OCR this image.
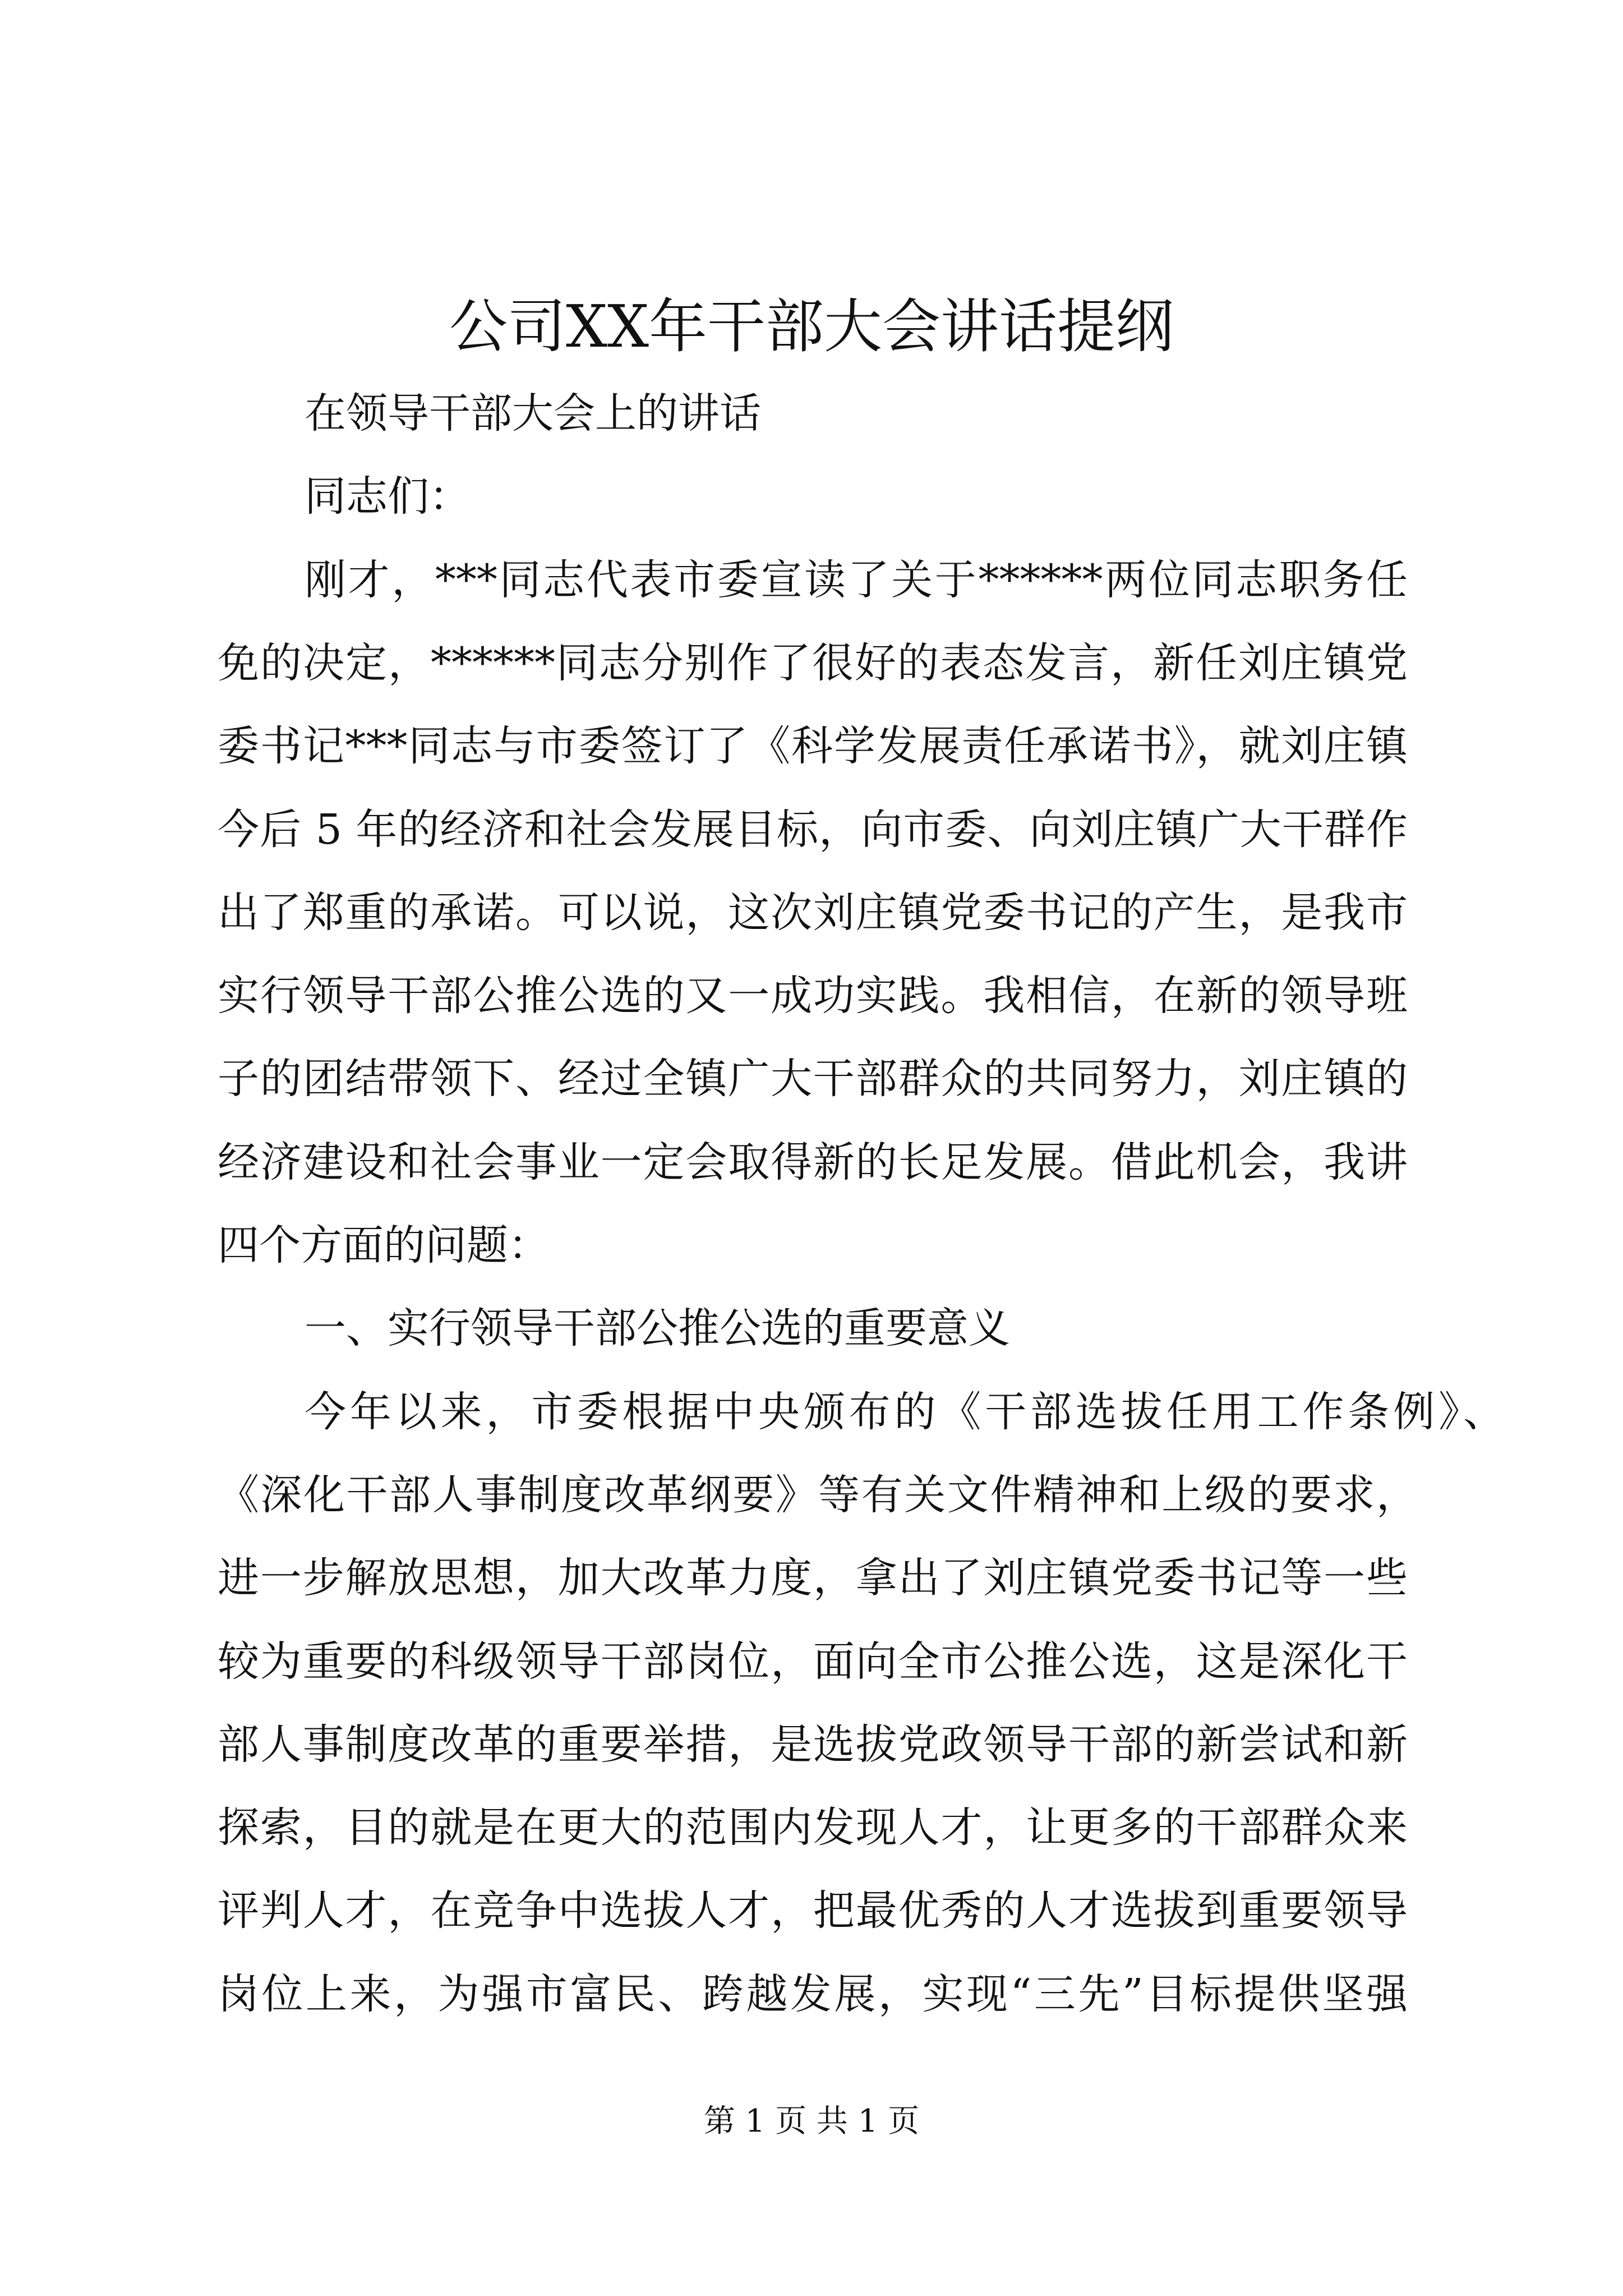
公司XX年干部大会讲话提纲
在领导干部大会上的讲话
同志们：
刚才，***同志代表市委宣读了关于******两位同志职务任
免的决定，******同志分别作了很好的表态发言，新任刘庄镇党
委书记***同志与市委签订了《科学发展责任承诺书》，就刘庄镇
今后 5 年的经济和社会发展目标，向市委、向刘庄镇广大干群作
出了郑重的承诺。可以说，这次刘庄镇党委书记的产生，是我市
实行领导干部公推公选的又一成功实践。我相信，在新的领导班
子的团结带领下、经过全镇广大干部群众的共同努力，刘庄镇的
经济建设和社会事业一定会取得新的长足发展。借此机会，我讲
四个方面的问题：
一、实行领导干部公推公选的重要意义
今年以来，市委根据中央颁布的《干部选拔任用工作条例》、
《深化干部人事制度改革纲要》等有关文件精神和上级的要求，
进一步解放思想，加大改革力度，拿出了刘庄镇党委书记等一些
较为重要的科级领导干部岗位，面向全市公推公选，这是深化干
部人事制度改革的重要举措，是选拔党政领导干部的新尝试和新
探索，目的就是在更大的范围内发现人才，让更多的干部群众来
评判人才，在竞争中选拔人才，把最优秀的人才选拔到重要领导
岗位上来，为强市富民、跨越发展，实现“三先”目标提供坚强
第 1 页 共 1 页
